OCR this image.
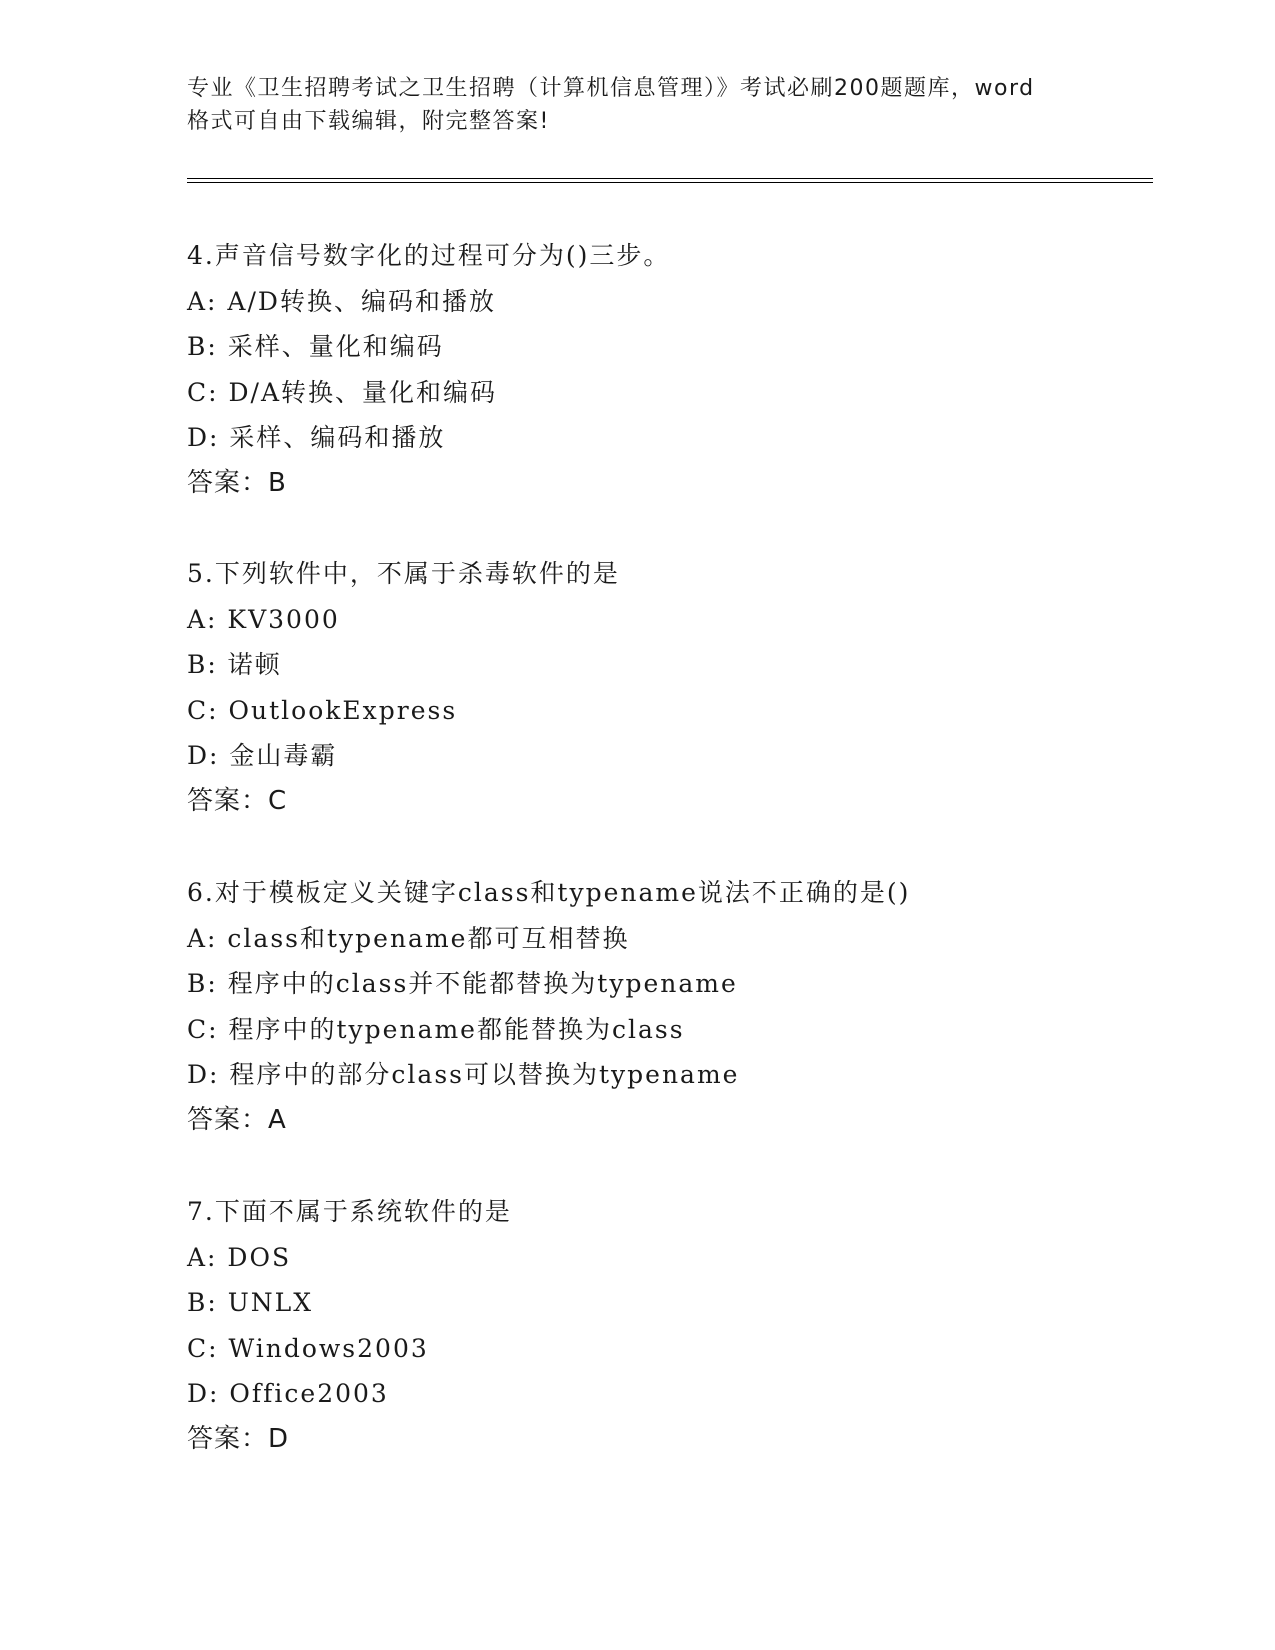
专业《卫生招聘考试之卫生招聘（计算机信息管理）》考试必刷200题题库，word
格式可自由下载编辑，附完整答案!

4.声音信号数字化的过程可分为()三步。
A: A/D转换、编码和播放
B: 采样、量化和编码
C: D/A转换、量化和编码
D: 采样、编码和播放
答案：B
5.下列软件中，不属于杀毒软件的是
A: KV3000
B: 诺顿
C: OutlookExpress
D: 金山毒霸
答案：C
6.对于模板定义关键字class和typename说法不正确的是()
A: class和typename都可互相替换
B: 程序中的class并不能都替换为typename
C: 程序中的typename都能替换为class
D: 程序中的部分class可以替换为typename
答案：A
7.下面不属于系统软件的是
A: DOS
B: UNLX
C: Windows2003
D: Office2003
答案：D
